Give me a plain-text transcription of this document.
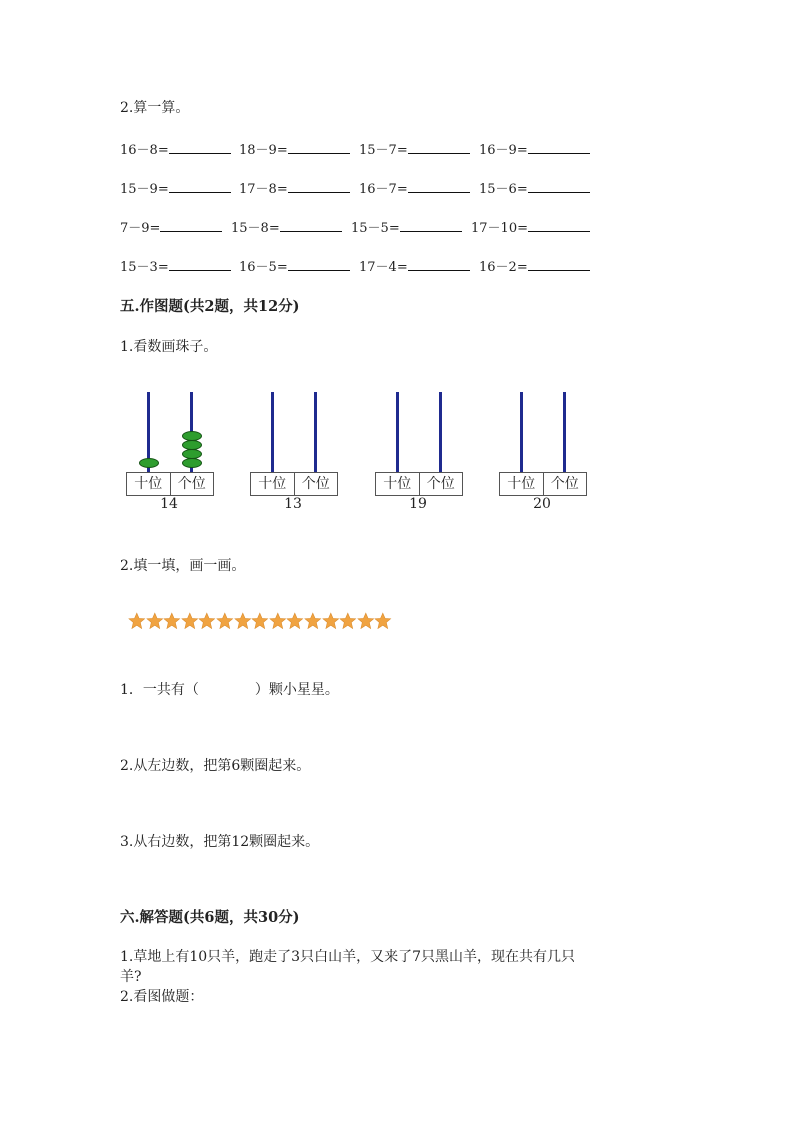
2.算一算。
16－8=	18－9=	15－7=	16－9=
15－9=	17－8=	16－7=	15－6=
7－9=	15－8=	15－5=	17－10=
15－3=	16－5=	17－4=	16－2=
五.作图题(共2题，共12分)
1.看数画珠子。
十位	个位
14
十位	个位
13
十位	个位
19
十位	个位
20
2.填一填，画一画。
1．一共有（	）颗小星星。
2.从左边数，把第6颗圈起来。
3.从右边数，把第12颗圈起来。
六.解答题(共6题，共30分)
1.草地上有10只羊，跑走了3只白山羊，又来了7只黑山羊，现在共有几只
羊?
2.看图做题：
